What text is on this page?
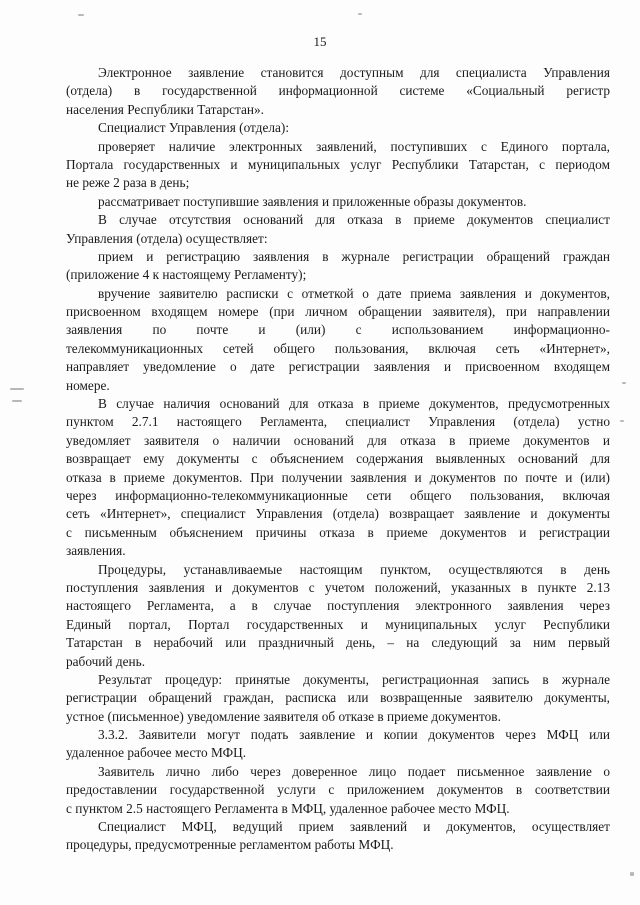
15
Электронное заявление становится доступным для специалиста Управления
(отдела) в государственной информационной системе «Социальный регистр
населения Республики Татарстан».
Специалист Управления (отдела):
проверяет наличие электронных заявлений, поступивших с Единого портала,
Портала государственных и муниципальных услуг Республики Татарстан, с периодом
не реже 2 раза в день;
рассматривает поступившие заявления и приложенные образы документов.
В случае отсутствия оснований для отказа в приеме документов специалист
Управления (отдела) осуществляет:
прием и регистрацию заявления в журнале регистрации обращений граждан
(приложение 4 к настоящему Регламенту);
вручение заявителю расписки с отметкой о дате приема заявления и документов,
присвоенном входящем номере (при личном обращении заявителя), при направлении
заявления по почте и (или) с использованием информационно-
телекоммуникационных сетей общего пользования, включая сеть «Интернет»,
направляет уведомление о дате регистрации заявления и присвоенном входящем
номере.
В случае наличия оснований для отказа в приеме документов, предусмотренных
пунктом 2.7.1 настоящего Регламента, специалист Управления (отдела) устно
уведомляет заявителя о наличии оснований для отказа в приеме документов и
возвращает ему документы с объяснением содержания выявленных оснований для
отказа в приеме документов. При получении заявления и документов по почте и (или)
через информационно-телекоммуникационные сети общего пользования, включая
сеть «Интернет», специалист Управления (отдела) возвращает заявление и документы
с письменным объяснением причины отказа в приеме документов и регистрации
заявления.
Процедуры, устанавливаемые настоящим пунктом, осуществляются в день
поступления заявления и документов с учетом положений, указанных в пункте 2.13
настоящего Регламента, а в случае поступления электронного заявления через
Единый портал, Портал государственных и муниципальных услуг Республики
Татарстан в нерабочий или праздничный день, – на следующий за ним первый
рабочий день.
Результат процедур: принятые документы, регистрационная запись в журнале
регистрации обращений граждан, расписка или возвращенные заявителю документы,
устное (письменное) уведомление заявителя об отказе в приеме документов.
3.3.2. Заявители могут подать заявление и копии документов через МФЦ или
удаленное рабочее место МФЦ.
Заявитель лично либо через доверенное лицо подает письменное заявление о
предоставлении государственной услуги с приложением документов в соответствии
с пунктом 2.5 настоящего Регламента в МФЦ, удаленное рабочее место МФЦ.
Специалист МФЦ, ведущий прием заявлений и документов, осуществляет
процедуры, предусмотренные регламентом работы МФЦ.
